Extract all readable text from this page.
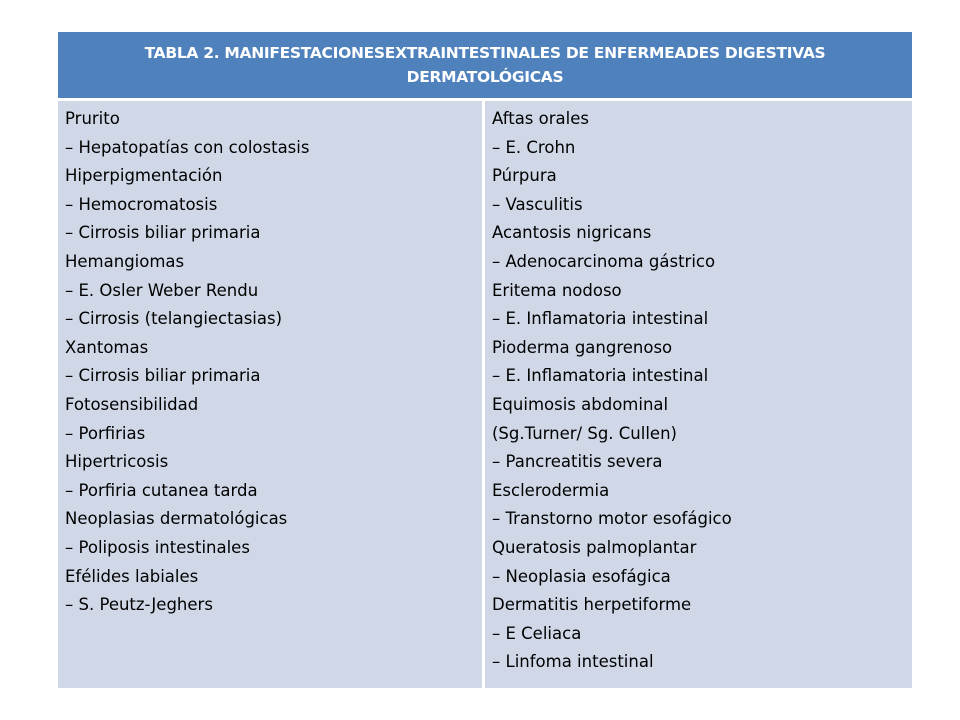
TABLA 2. MANIFESTACIONESEXTRAINTESTINALES DE ENFERMEADES DIGESTIVAS
DERMATOLÓGICAS
Prurito
– Hepatopatías con colostasis
Hiperpigmentación
– Hemocromatosis
– Cirrosis biliar primaria
Hemangiomas
– E. Osler Weber Rendu
– Cirrosis (telangiectasias)
Xantomas
– Cirrosis biliar primaria
Fotosensibilidad
– Porfirias
Hipertricosis
– Porfiria cutanea tarda
Neoplasias dermatológicas
– Poliposis intestinales
Efélides labiales
– S. Peutz-Jeghers
Aftas orales
– E. Crohn
Púrpura
– Vasculitis
Acantosis nigricans
– Adenocarcinoma gástrico
Eritema nodoso
– E. Inflamatoria intestinal
Pioderma gangrenoso
– E. Inflamatoria intestinal
Equimosis abdominal
(Sg.Turner/ Sg. Cullen)
– Pancreatitis severa
Esclerodermia
– Transtorno motor esofágico
Queratosis palmoplantar
– Neoplasia esofágica
Dermatitis herpetiforme
– E Celiaca
– Linfoma intestinal
